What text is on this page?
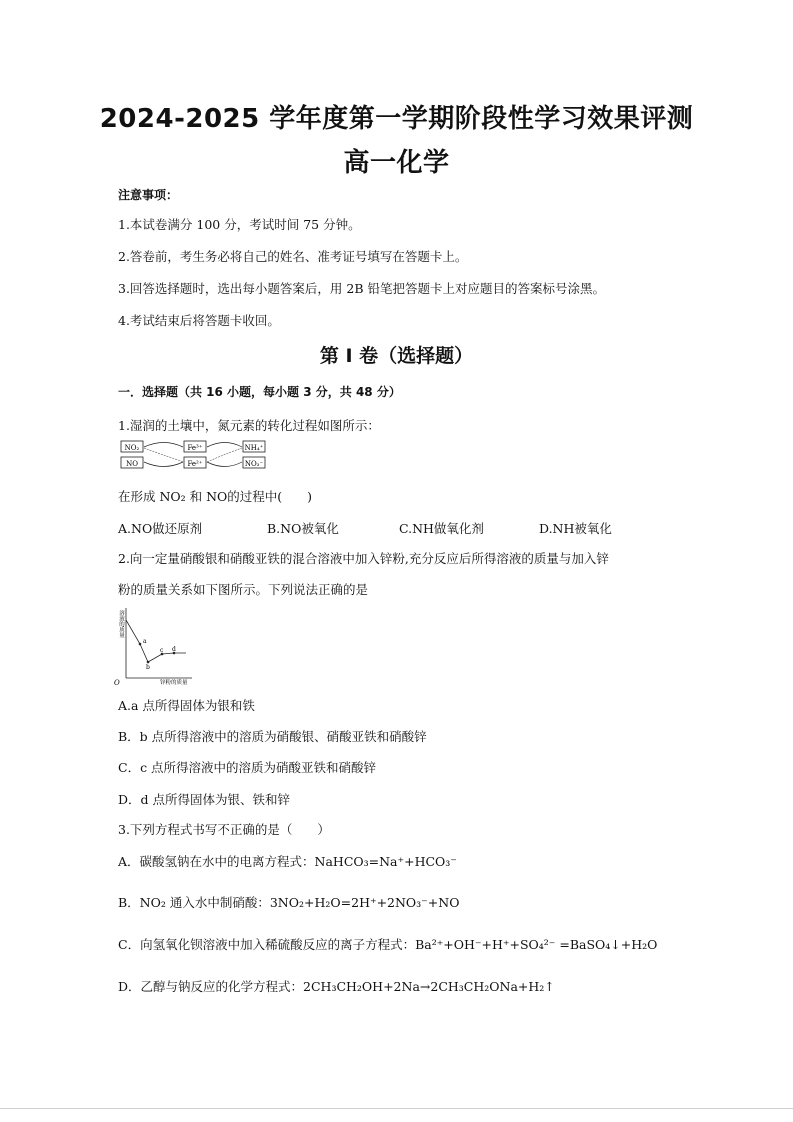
2024-2025 学年度第一学期阶段性学习效果评测
高一化学
注意事项：
1.本试卷满分 100 分，考试时间 75 分钟。
2.答卷前，考生务必将自己的姓名、准考证号填写在答题卡上。
3.回答选择题时，选出每小题答案后，用 2B 铅笔把答题卡上对应题目的答案标号涂黑。
4.考试结束后将答题卡收回。
第 I 卷（选择题）
一．选择题（共 16 小题，每小题 3 分，共 48 分）
1.湿润的土壤中，氮元素的转化过程如图所示：
NO₂
NO
Fe³⁺
Fe²⁺
NH₄⁺
NO₃⁻
在形成 NO₂ 和 NO的过程中(　　)
A.NO做还原剂	B.NO被氧化	C.NH做氧化剂	D.NH被氧化
2.向一定量硝酸银和硝酸亚铁的混合溶液中加入锌粉,充分反应后所得溶液的质量与加入锌
粉的质量关系如下图所示。下列说法正确的是
a
b
c d
O	锌粉的质量
溶液的质量
A.a 点所得固体为银和铁
B．b 点所得溶液中的溶质为硝酸银、硝酸亚铁和硝酸锌
C．c 点所得溶液中的溶质为硝酸亚铁和硝酸锌
D．d 点所得固体为银、铁和锌
3.下列方程式书写不正确的是（　　）
A．碳酸氢钠在水中的电离方程式：NaHCO₃=Na⁺+HCO₃⁻
B．NO₂ 通入水中制硝酸：3NO₂+H₂O=2H⁺+2NO₃⁻+NO
C．向氢氧化钡溶液中加入稀硫酸反应的离子方程式：Ba²⁺+OH⁻+H⁺+SO₄²⁻ =BaSO₄↓+H₂O
D．乙醇与钠反应的化学方程式：2CH₃CH₂OH+2Na→2CH₃CH₂ONa+H₂↑
